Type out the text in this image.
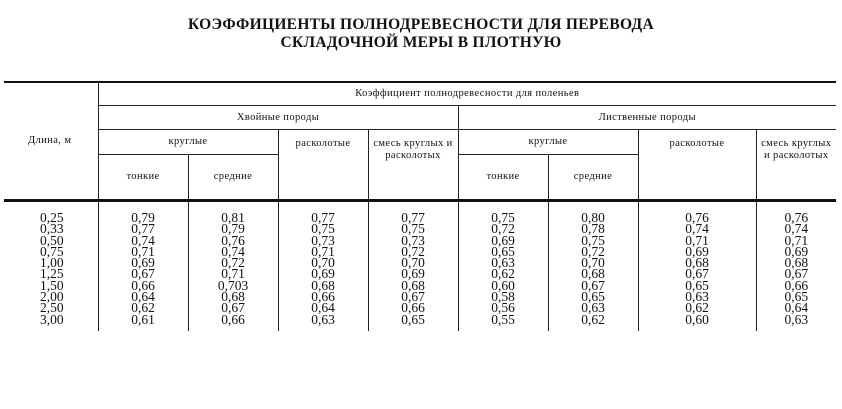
КОЭФФИЦИЕНТЫ ПОЛНОДРЕВЕСНОСТИ ДЛЯ ПЕРЕВОДА
СКЛАДОЧНОЙ МЕРЫ В ПЛОТНУЮ
Длина, м	Коэффициент полнодревесности для поленьев							
	Хвойные породы				Лиственные породы			
	круглые		расколотые	смесь круглых и расколотых	круглые		расколотые	смесь круглых и расколотых
	тонкие	средние			тонкие	средние		
0,25	0,79	0,81	0,77	0,77	0,75	0,80	0,76	0,76
0,33	0,77	0,79	0,75	0,75	0,72	0,78	0,74	0,74
0,50	0,74	0,76	0,73	0,73	0,69	0,75	0,71	0,71
0,75	0,71	0,74	0,71	0,72	0,65	0,72	0,69	0,69
1,00	0,69	0,72	0,70	0,70	0,63	0,70	0,68	0,68
1,25	0,67	0,71	0,69	0,69	0,62	0,68	0,67	0,67
1,50	0,66	0,703	0,68	0,68	0,60	0,67	0,65	0,66
2,00	0,64	0,68	0,66	0,67	0,58	0,65	0,63	0,65
2,50	0,62	0,67	0,64	0,66	0,56	0,63	0,62	0,64
3,00	0,61	0,66	0,63	0,65	0,55	0,62	0,60	0,63
